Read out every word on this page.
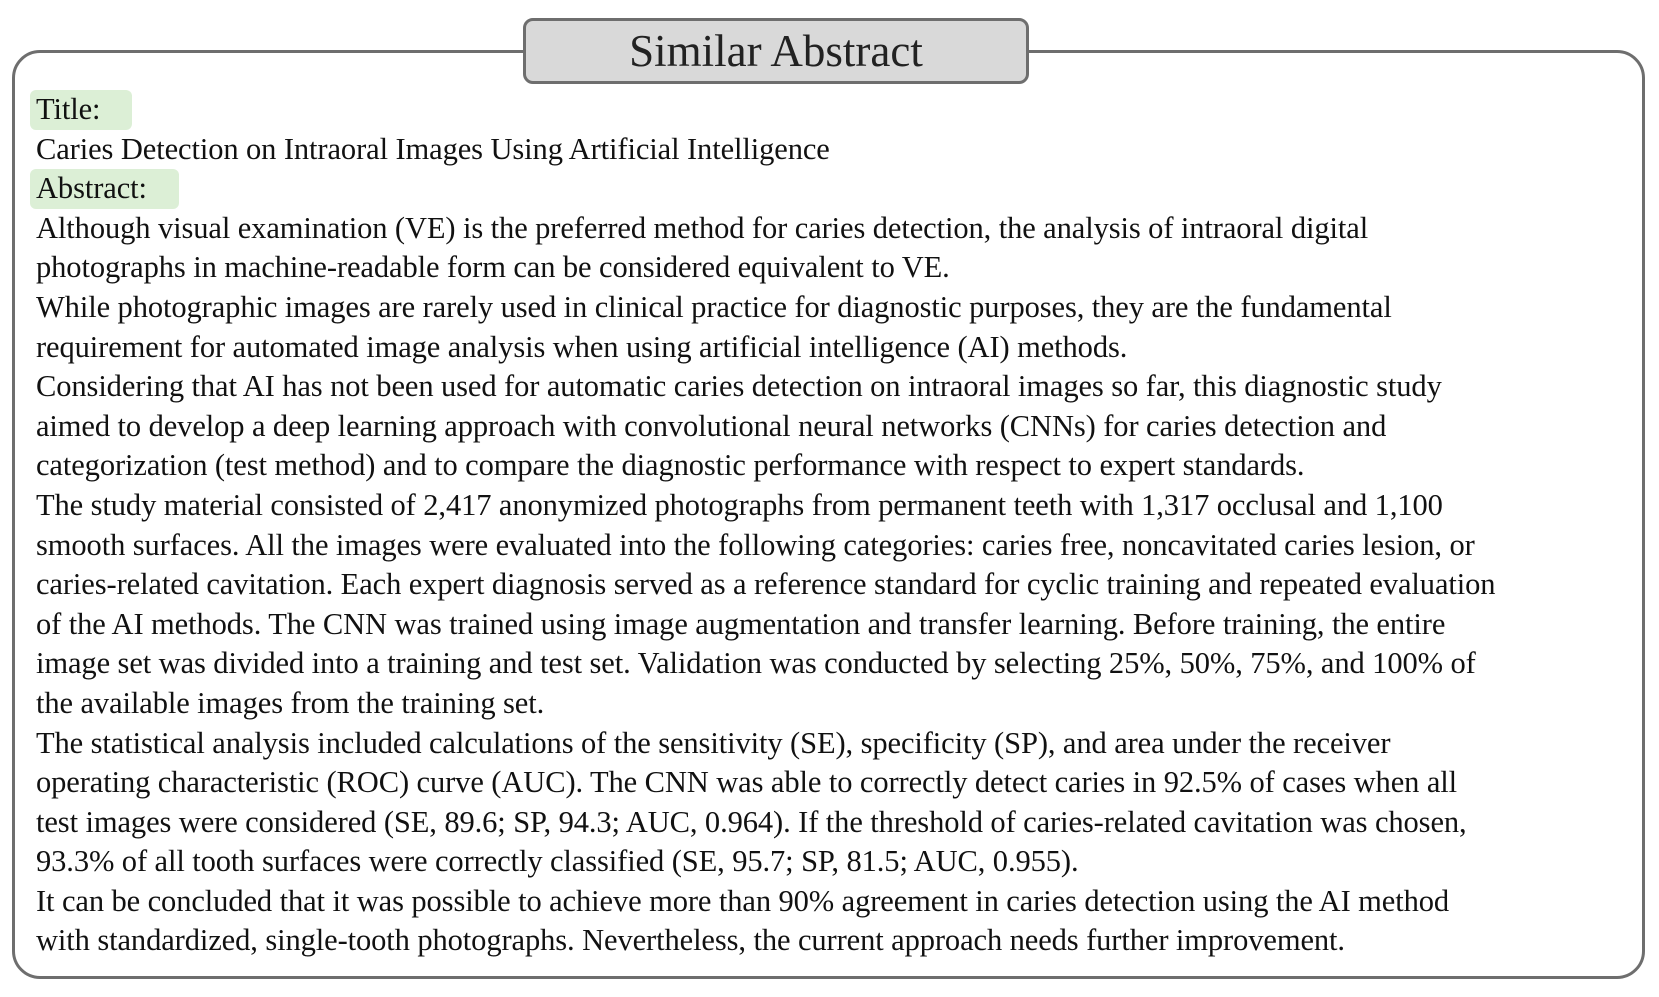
Similar Abstract
Title:
Caries Detection on Intraoral Images Using Artificial Intelligence
Abstract:
Although visual examination (VE) is the preferred method for caries detection, the analysis of intraoral digital
photographs in machine-readable form can be considered equivalent to VE.
While photographic images are rarely used in clinical practice for diagnostic purposes, they are the fundamental
requirement for automated image analysis when using artificial intelligence (AI) methods.
Considering that AI has not been used for automatic caries detection on intraoral images so far, this diagnostic study
aimed to develop a deep learning approach with convolutional neural networks (CNNs) for caries detection and
categorization (test method) and to compare the diagnostic performance with respect to expert standards.
The study material consisted of 2,417 anonymized photographs from permanent teeth with 1,317 occlusal and 1,100
smooth surfaces. All the images were evaluated into the following categories: caries free, noncavitated caries lesion, or
caries-related cavitation. Each expert diagnosis served as a reference standard for cyclic training and repeated evaluation
of the AI methods. The CNN was trained using image augmentation and transfer learning. Before training, the entire
image set was divided into a training and test set. Validation was conducted by selecting 25%, 50%, 75%, and 100% of
the available images from the training set.
The statistical analysis included calculations of the sensitivity (SE), specificity (SP), and area under the receiver
operating characteristic (ROC) curve (AUC). The CNN was able to correctly detect caries in 92.5% of cases when all
test images were considered (SE, 89.6; SP, 94.3; AUC, 0.964). If the threshold of caries-related cavitation was chosen,
93.3% of all tooth surfaces were correctly classified (SE, 95.7; SP, 81.5; AUC, 0.955).
It can be concluded that it was possible to achieve more than 90% agreement in caries detection using the AI method
with standardized, single-tooth photographs. Nevertheless, the current approach needs further improvement.
